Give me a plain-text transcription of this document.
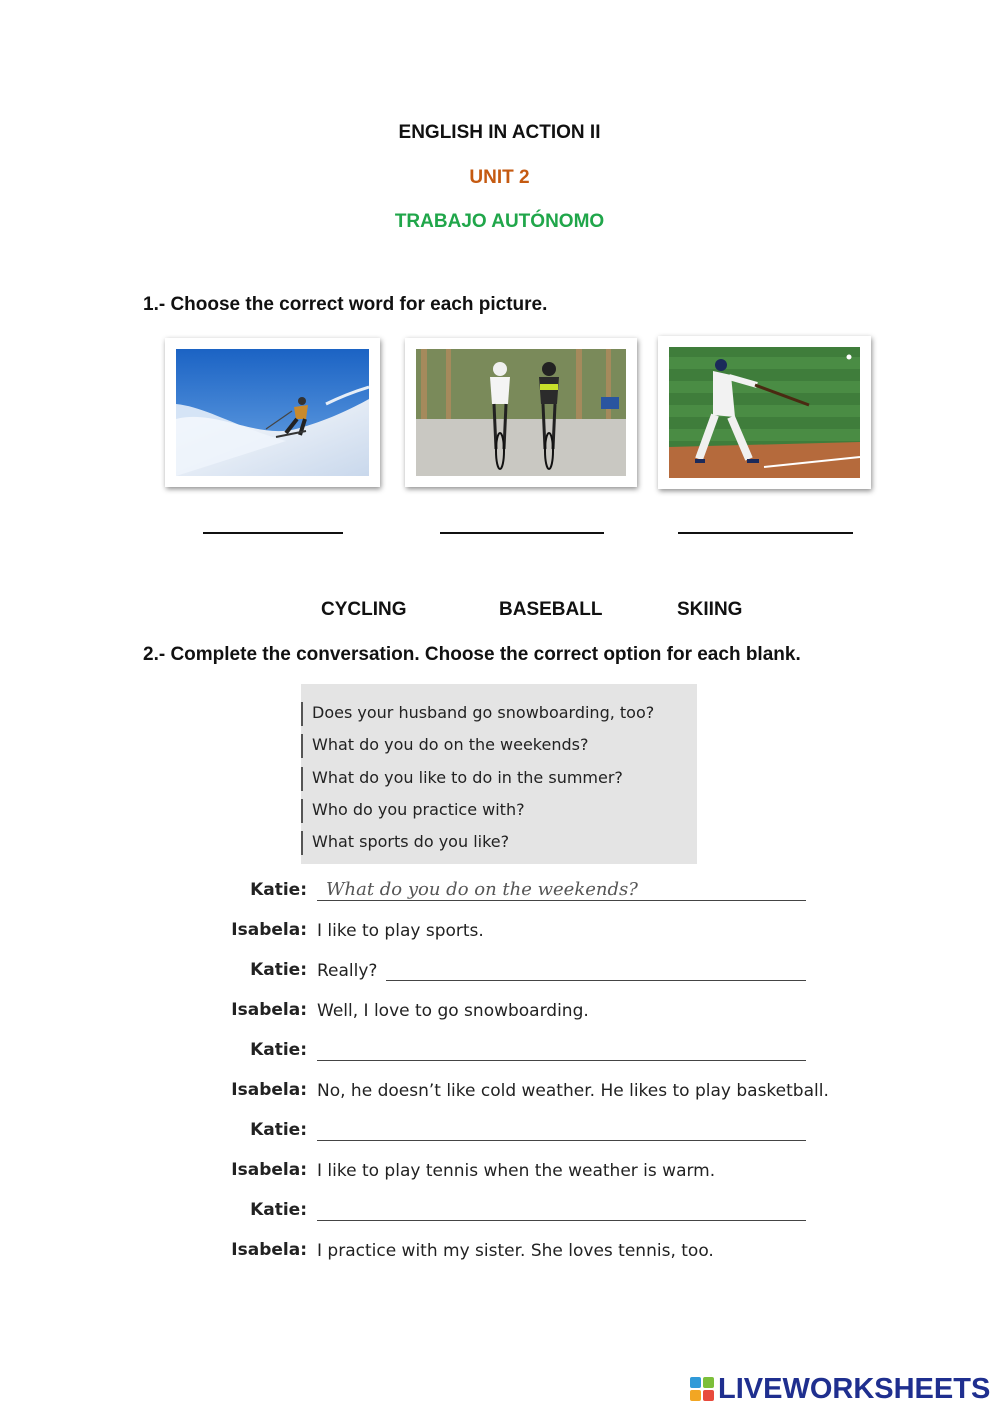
ENGLISH IN ACTION II
UNIT 2
TRABAJO AUTÓNOMO
1.- Choose the correct word for each picture.
CYCLING	BASEBALL	SKIING
2.- Complete the conversation. Choose the correct option for each blank.
Does your husband go snowboarding, too?
What do you do on the weekends?
What do you like to do in the summer?
Who do you practice with?
What sports do you like?
Katie: What do you do on the weekends?
Isabela: I like to play sports.
Katie: Really?
Isabela: Well, I love to go snowboarding.
Katie:
Isabela: No, he doesn’t like cold weather. He likes to play basketball.
Katie:
Isabela: I like to play tennis when the weather is warm.
Katie:
Isabela: I practice with my sister. She loves tennis, too.
LIVEWORKSHEETS
